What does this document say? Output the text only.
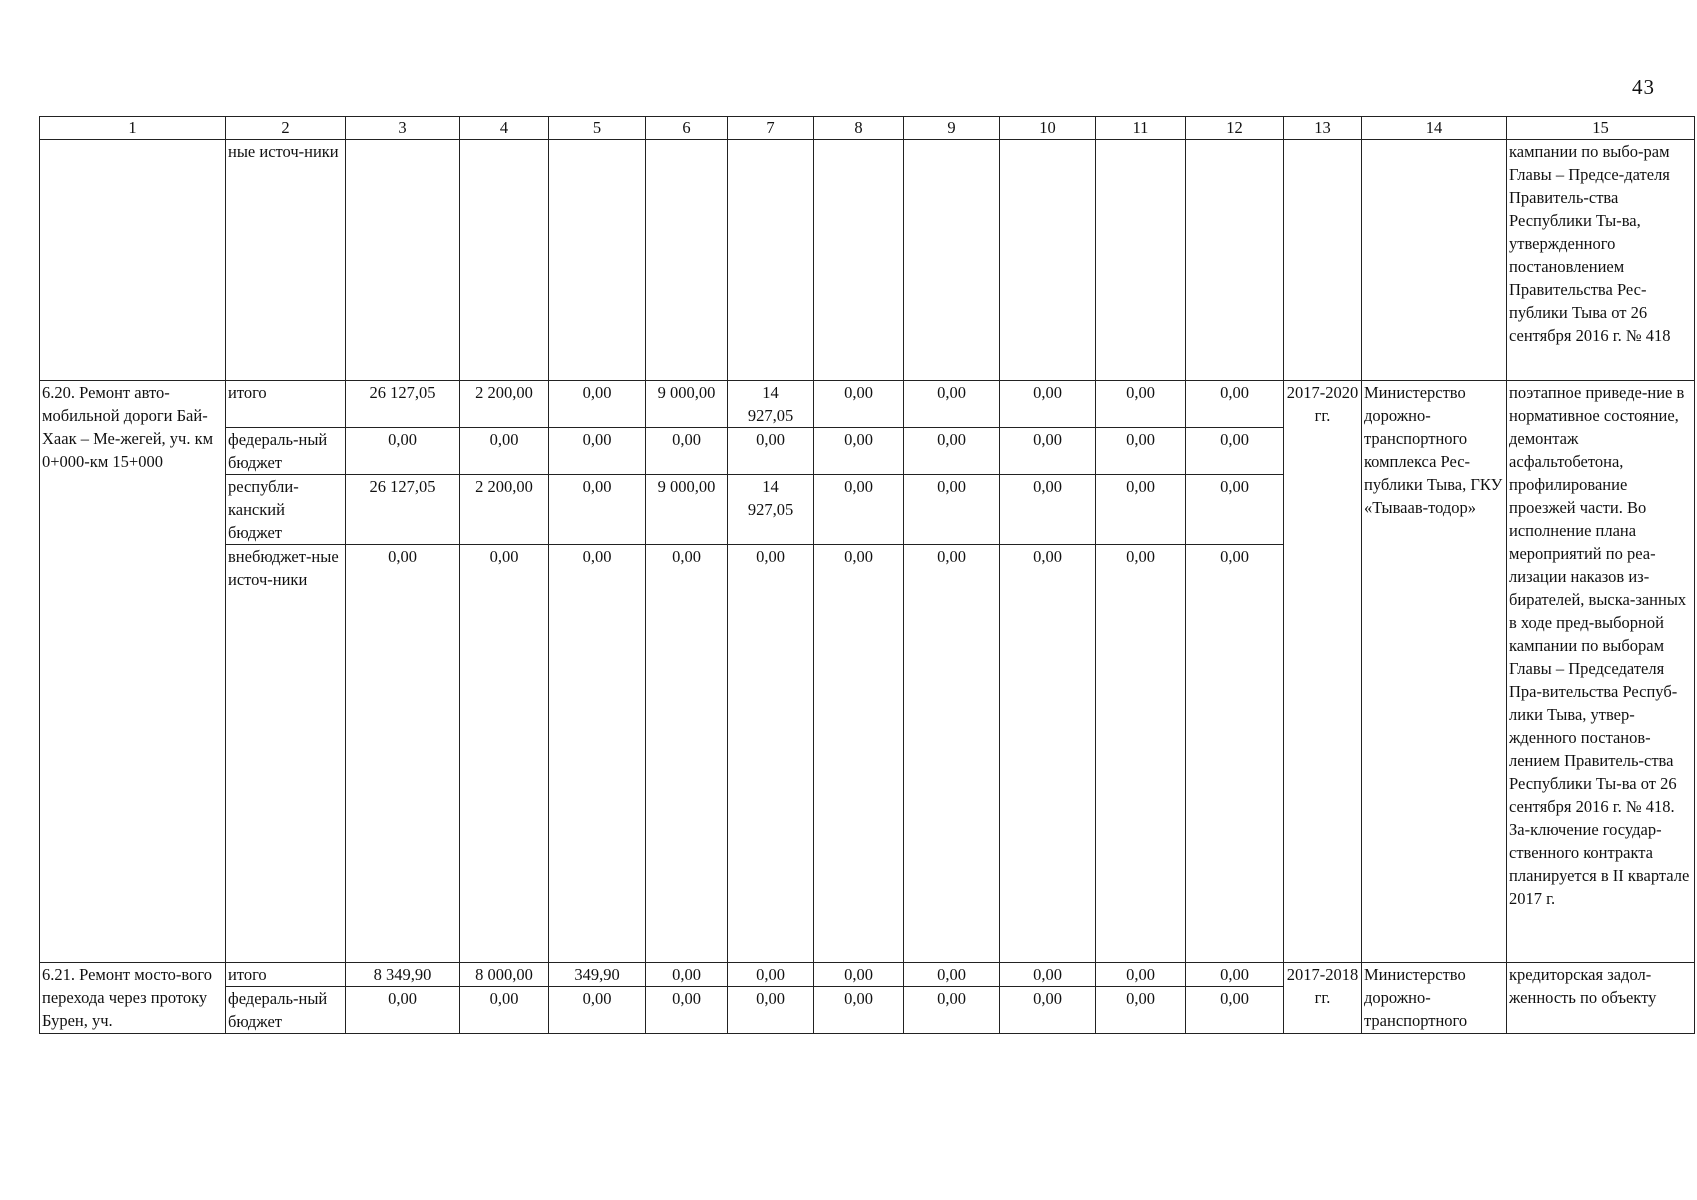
43
1	2	3	4	5	6	7	8	9	10	11	12	13	14	15
	ные источ-ники													кампании по выбо-рам Главы – Предсе-дателя Правитель-ства Республики Ты-ва, утвержденного постановлением Правительства Рес-публики Тыва от 26 сентября 2016 г. № 418
6.20. Ремонт авто-мобильной дороги Бай-Хаак – Ме-жегей, уч. км 0+000-км 15+000	итого	26 127,05	2 200,00	0,00	9 000,00	14 927,05	0,00	0,00	0,00	0,00	0,00	2017-2020 гг.	Министерство дорожно-транспортного комплекса Рес-публики Тыва, ГКУ «Тываав-тодор»	поэтапное приведе-ние в нормативное состояние, демонтаж асфальтобетона, профилирование проезжей части. Во исполнение плана мероприятий по реа-лизации наказов из-бирателей, выска-занных в ходе пред-выборной кампании по выборам Главы – Председателя Пра-вительства Респуб-лики Тыва, утвер-жденного постанов-лением Правитель-ства Республики Ты-ва от 26 сентября 2016 г. № 418. За-ключение государ-ственного контракта планируется в II квартале 2017 г.
	федераль-ный бюджет	0,00	0,00	0,00	0,00	0,00	0,00	0,00	0,00	0,00	0,00			
	республи-канский бюджет	26 127,05	2 200,00	0,00	9 000,00	14 927,05	0,00	0,00	0,00	0,00	0,00			
	внебюджет-ные источ-ники	0,00	0,00	0,00	0,00	0,00	0,00	0,00	0,00	0,00	0,00			
6.21. Ремонт мосто-вого перехода через протоку Бурен, уч.	итого	8 349,90	8 000,00	349,90	0,00	0,00	0,00	0,00	0,00	0,00	0,00	2017-2018 гг.	Министерство дорожно-транспортного	кредиторская задол-женность по объекту
	федераль-ный бюджет	0,00	0,00	0,00	0,00	0,00	0,00	0,00	0,00	0,00	0,00			
